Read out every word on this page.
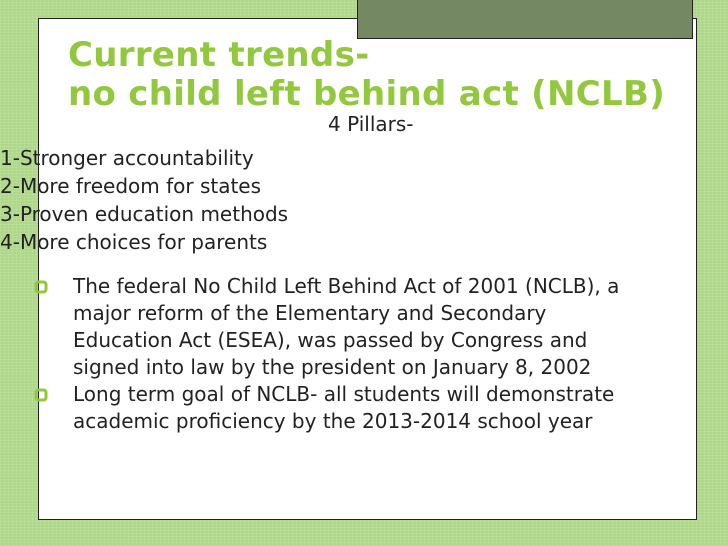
Current trends-
no child left behind act (NCLB)
4 Pillars-
1-Stronger accountability
2-More freedom for states
3-Proven education methods
4-More choices for parents
The federal No Child Left Behind Act of 2001 (NCLB), a major reform of the Elementary and Secondary Education Act (ESEA), was passed by Congress and signed into law by the president on January 8, 2002
Long term goal of NCLB- all students will demonstrate academic proficiency by the 2013-2014 school year
